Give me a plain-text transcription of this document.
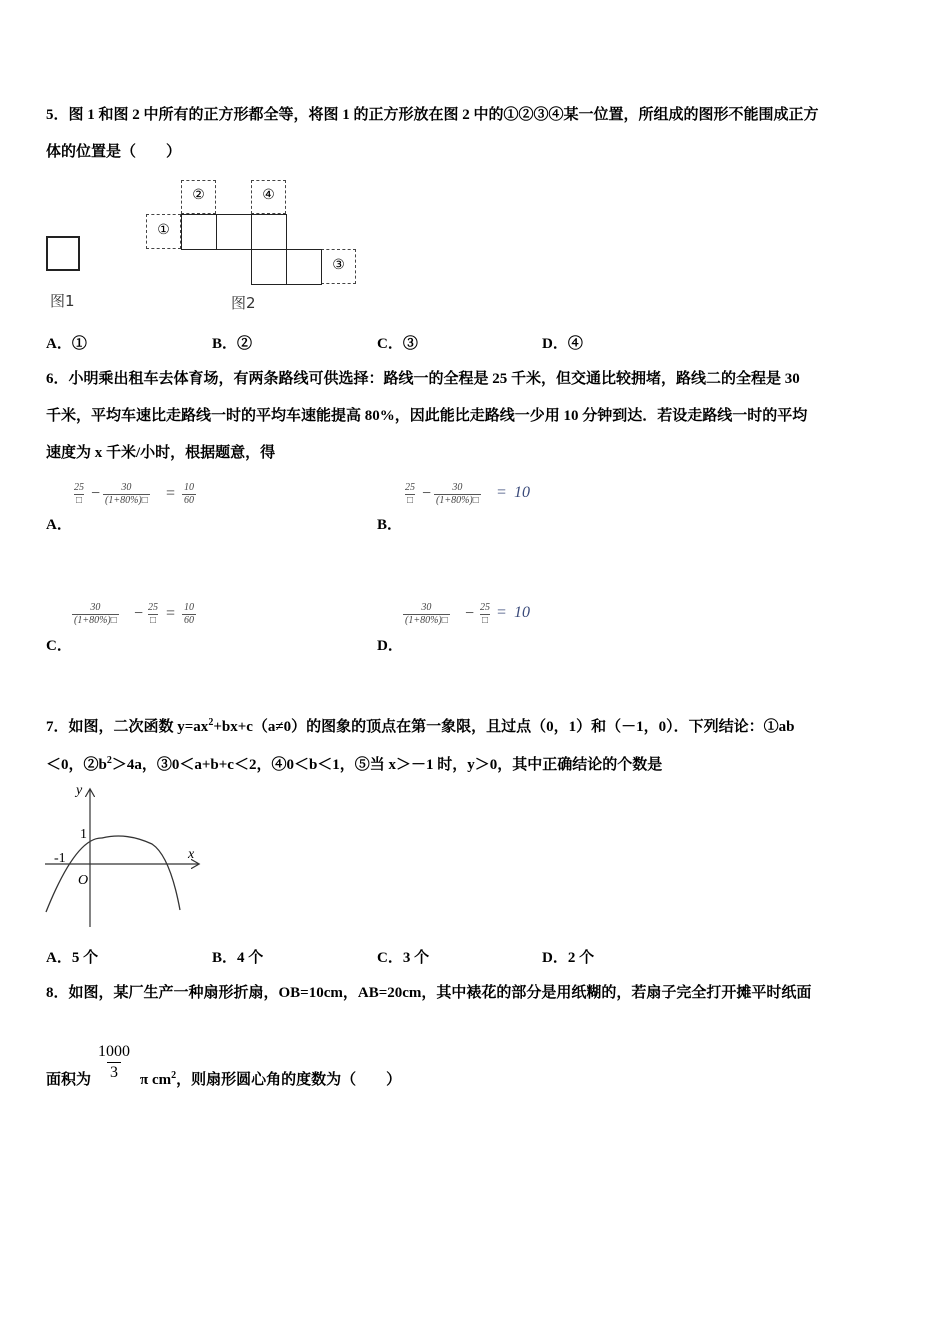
5．图 1 和图 2 中所有的正方形都全等，将图 1 的正方形放在图 2 中的①②③④某一位置，所组成的图形不能围成正方
体的位置是（　　）
图1
①
②	④
③
图2
A．①	B．②	C．③	D．④
6．小明乘出租车去体育场，有两条路线可供选择：路线一的全程是 25 千米，但交通比较拥堵，路线二的全程是 30
千米，平均车速比走路线一时的平均车速能提高 80%，因此能比走路线一少用 10 分钟到达．若设走路线一时的平均
速度为 x 千米/小时，根据题意，得
25
□ − $\frac{30}{(1+80\%)□} = \frac{10}{60}$
A．
25
□ − $\frac{30}{(1+80\%)□} = 10$
B．
$\frac{30}{(1+80\%)□} - 25$
□ = $\frac{10}{60}$
C．
$\frac{30}{(1+80\%)□} - 25$
□ = 10
D．
7．如图，二次函数 $y=ax^2+bx+c(a\ne 0)$的图象的顶点在第一象限，且过点（0，1）和（－1，0）．下列结论：①ab
＜0，$②b^2>4a$，③0＜a+b+c＜2，④0＜b＜1，⑤当 x＞－1 时，y＞0，其中正确结论的个数是
y
x
1
-1
O
A．5 个	B．4 个	C．3 个	D．2 个
8．如图，某厂生产一种扇形折扇，OB=10cm，AB=20cm，其中裱花的部分是用纸糊的，若扇子完全打开摊平时纸面
面积为 $\frac{1000}{3}$ π $cm^2$，则扇形圆心角的度数为（　　）
